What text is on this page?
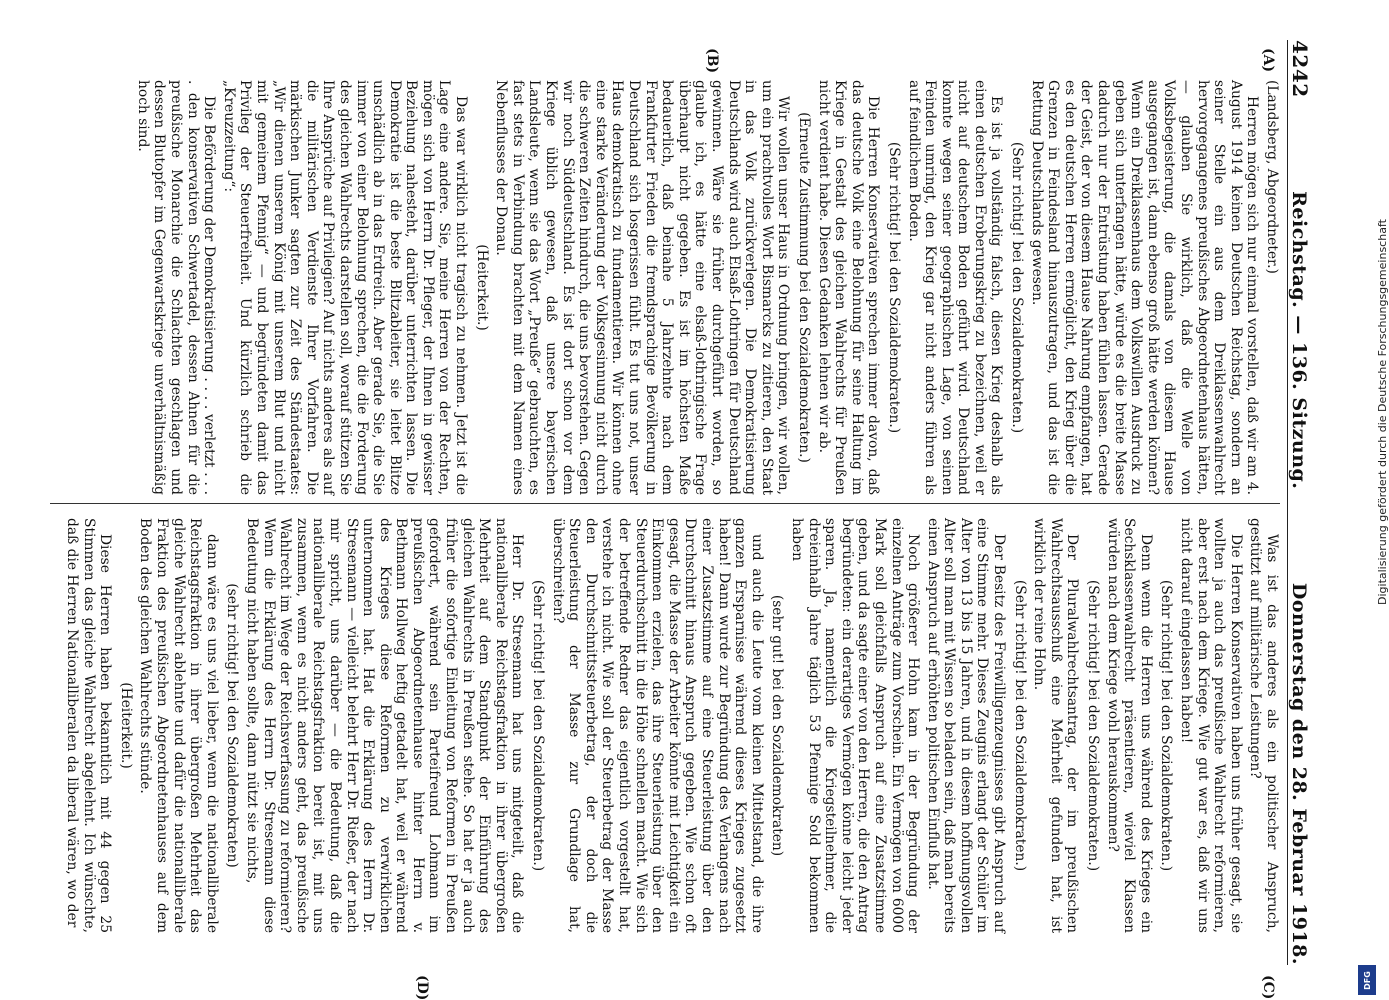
4242
Reichstag. — 136. Sitzung.
Donnerstag den 28. Februar 1918.
(A)
(B)
(C)
(D)

(Landsberg, Abgeordneter.)

Herren mögen sich nur einmal vorstellen, daß wir am 4. August 1914 keinen Deutschen Reichstag, sondern an seiner Stelle ein aus dem Dreiklassenwahlrecht hervorgegangenes preußisches Abgeordnetenhaus hätten, — glauben Sie wirklich, daß die Welle von Volksbegeisterung, die damals von diesem Hause ausgegangen ist, dann ebenso groß hätte werden können? Wenn ein Dreiklassenhaus dem Volkswillen Ausdruck zu geben sich unterfangen hätte, würde es die breite Masse dadurch nur der Entrüstung haben fühlen lassen. Gerade der Geist, der von diesem Hause Nahrung empfangen, hat es den deutschen Herren ermöglicht, den Krieg über die Grenzen in Feindesland hinauszutragen, und das ist die Rettung Deutschlands gewesen.

(Sehr richtig! bei den Sozialdemokraten.)

Es ist ja vollständig falsch, diesen Krieg deshalb als einen deutschen Eroberungskrieg zu bezeichnen, weil er nicht auf deutschem Boden geführt wird. Deutschland konnte wegen seiner geographischen Lage, von seinen Feinden umringt, den Krieg gar nicht anders führen als auf feindlichem Boden.

(Sehr richtig! bei den Sozialdemokraten.)

Die Herren Konservativen sprechen immer davon, daß das deutsche Volk eine Belohnung für seine Haltung im Kriege in Gestalt des gleichen Wahlrechts für Preußen nicht verdient habe. Diesen Gedanken lehnen wir ab.

(Erneute Zustimmung bei den Sozialdemokraten.)

Wir wollen unser Haus in Ordnung bringen, wir wollen, um ein prachtvolles Wort Bismarcks zu zitieren, den Staat in das Volk zurückverlegen. Die Demokratisierung Deutschlands wird auch Elsaß-Lothringen für Deutschland gewinnen. Wäre sie früher durchgeführt worden, so glaube ich, es hätte eine elsaß-lothringische Frage überhaupt nicht gegeben. Es ist im höchsten Maße bedauerlich, daß beinahe 5 Jahrzehnte nach dem Frankfurter Frieden die fremdsprachige Bevölkerung in Deutschland sich losgerissen fühlt. Es tut uns not, unser Haus demokratisch zu fundamentieren. Wir können ohne eine starke Veränderung der Volksgesinnung nicht durch die schweren Zeiten hindurch, die uns bevorstehen. Gegen wir noch Süddeutschland. Es ist dort schon vor dem Kriege üblich gewesen, daß unsere bayerischen Landsleute, wenn sie das Wort „Preuße“ gebrauchten, es fast stets in Verbindung brachten mit dem Namen eines Nebenflusses der Donau.

(Heiterkeit.)

Das war wirklich nicht tragisch zu nehmen. Jetzt ist die Lage eine andere. Sie, meine Herren von der Rechten, mögen sich von Herrn Dr. Pfleger, der Ihnen in gewisser Beziehung nahesteht, darüber unterrichten lassen. Die Demokratie ist die beste Blitzableiter, sie leitet Blitze unschädlich ab in das Erdreich. Aber gerade Sie, die Sie immer von einer Belohnung sprechen, die die Forderung des gleichen Wahlrechts darstellen soll, worauf stützen Sie Ihre Ansprüche auf Privilegien? Auf nichts anderes als auf die militärischen Verdienste Ihrer Vorfahren. Die märkischen Junker sagten zur Zeit des Ständestaates: „Wir dienen unserem König mit unserem Blut und nicht mit gemeinem Pfennig“ — und begründeten damit das Privileg der Steuerfreiheit. Und kürzlich schrieb die „Kreuzzeitung“:

Die Beförderung der Demokratisierung . . . . verletzt . . . . den konservativen Schwertadel, dessen Ahnen für die preußische Monarchie die Schlachten geschlagen und dessen Blutopfer im Gegenwartskriege unverhältnismäßig hoch sind.

Was ist das anderes als ein politischer Anspruch, gestützt auf militärische Leistungen?

Die Herren Konservativen haben uns früher gesagt, sie wollten ja auch das preußische Wahlrecht reformieren, aber erst nach dem Kriege. Wie gut war es, daß wir uns nicht darauf eingelassen haben!

(Sehr richtig! bei den Sozialdemokraten.)

Denn wenn die Herren uns während des Krieges ein Sechsklassenwahlrecht präsentieren, wieviel Klassen würden nach dem Kriege wohl herauskommen?

(Sehr richtig! bei den Sozialdemokraten.)

Der Pluralwahlrechtsantrag, der im preußischen Wahlrechtsausschuß eine Mehrheit gefunden hat, ist wirklich der reine Hohn.

(Sehr richtig! bei den Sozialdemokraten.)

Der Besitz des Freiwilligenzeugnisses gibt Anspruch auf eine Stimme mehr. Dieses Zeugnis erlangt der Schüler im Alter von 13 bis 15 Jahren, und in diesem hoffnungsvollen Alter soll man mit Wissen so beladen sein, daß man bereits einen Anspruch auf erhöhten politischen Einfluß hat.

Noch größerer Hohn kam in der Begründung der einzelnen Anträge zum Vorschein. Ein Vermögen von 6000 Mark soll gleichfalls Anspruch auf eine Zusatzstimme geben, und da sagte einer von den Herren, die den Antrag begründeten: ein derartiges Vermögen könne leicht jeder sparen. Ja, namentlich die Kriegsteilnehmer, die dreieinhalb Jahre täglich 53 Pfennige Sold bekommen haben

(sehr gut! bei den Sozialdemokraten)

und auch die Leute vom kleinen Mittelstand, die ihre ganzen Ersparnisse während dieses Krieges zugesetzt haben! Dann wurde zur Begründung des Verlangens nach einer Zusatzstimme auf eine Steuerleistung über den Durchschnitt hinaus Anspruch gegeben. Wie schon oft gesagt, die Masse der Arbeiter könnte mit Leichtigkeit ein Einkommen erzielen, das ihre Steuerleistung über den Steuerdurchschnitt in die Höhe schnellen macht. Wie sich der betreffende Redner das eigentlich vorgestellt hat, verstehe ich nicht. Wie soll der Steuerbetrag der Masse den Durchschnittssteuerbetrag, der doch die Steuerleistung der Masse zur Grundlage hat, überschreiten?

(Sehr richtig! bei den Sozialdemokraten.)

Herr Dr. Stresemann hat uns mitgeteilt, daß die nationalliberale Reichstagsfraktion in ihrer übergroßen Mehrheit auf dem Standpunkt der Einführung des gleichen Wahlrechts in Preußen stehe. So hat er ja auch früher die sofortige Einleitung von Reformen in Preußen gefordert, während sein Parteifreund Lohmann im preußischen Abgeordnetenhause hinter Herrn v. Bethmann Hollweg heftig getadelt hat, weil er während des Krieges diese Reformen zu verwirklichen unternommen hat. Hat die Erklärung des Herrn Dr. Stresemann — vielleicht belehrt Herr Dr. Rießer, der nach mir spricht, uns darüber — die Bedeutung, daß die nationalliberale Reichstagsfraktion bereit ist, mit uns zusammen, wenn es nicht anders geht, das preußische Wahlrecht im Wege der Reichsverfassung zu reformieren? Wenn die Erklärung des Herrn Dr. Stresemann diese Bedeutung nicht haben sollte, dann nützt sie nichts,

(sehr richtig! bei den Sozialdemokraten)

dann wäre es uns viel lieber, wenn die nationalliberale Reichstagsfraktion in ihrer übergroßen Mehrheit das gleiche Wahlrecht ablehnte und dafür die nationalliberale Fraktion des preußischen Abgeordnetenhauses auf dem Boden des gleichen Wahlrechts stünde.

(Heiterkeit.)

Diese Herren haben bekanntlich mit 44 gegen 25 Stimmen das gleiche Wahlrecht abgelehnt. Ich wünschte, daß die Herren Nationalliberalen da liberal wären, wo der

Digitalisierung gefördert durch die Deutsche Forschungsgemeinschaft
DFG
